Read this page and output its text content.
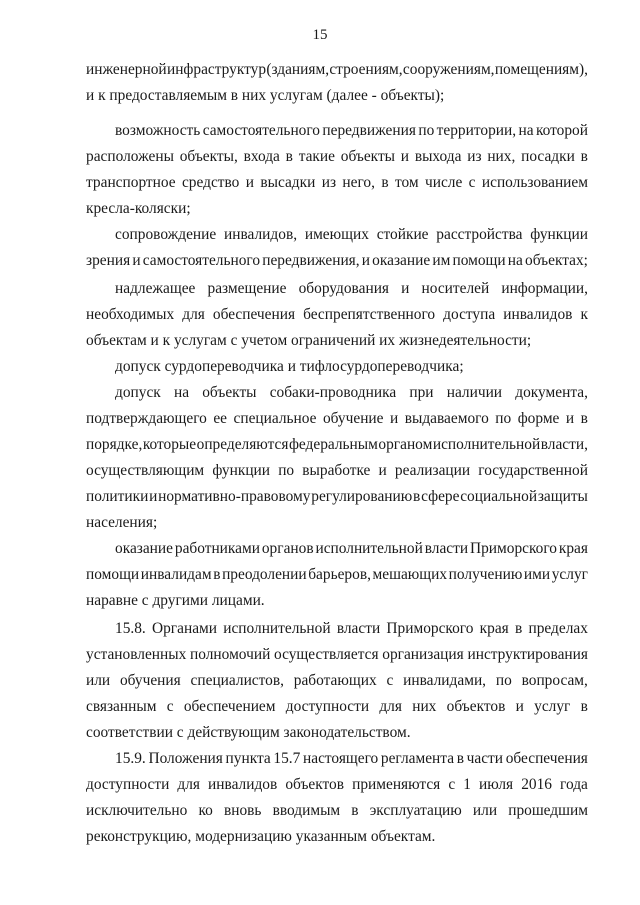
15
инженерной инфраструктур (зданиям, строениям, сооружениям, помещениям),
и к предоставляемым в них услугам (далее - объекты);
возможность самостоятельного передвижения по территории, на которой
расположены объекты, входа в такие объекты и выхода из них, посадки в
транспортное средство и высадки из него, в том числе с использованием
кресла-коляски;
сопровождение инвалидов, имеющих стойкие расстройства функции
зрения и самостоятельного передвижения, и оказание им помощи на объектах;
надлежащее размещение оборудования и носителей информации,
необходимых для обеспечения беспрепятственного доступа инвалидов к
объектам и к услугам с учетом ограничений их жизнедеятельности;
допуск сурдопереводчика и тифлосурдопереводчика;
допуск на объекты собаки-проводника при наличии документа,
подтверждающего ее специальное обучение и выдаваемого по форме и в
порядке, которые определяются федеральным органом исполнительной власти,
осуществляющим функции по выработке и реализации государственной
политики и нормативно-правовому регулированию в сфере социальной защиты
населения;
оказание работниками органов исполнительной власти Приморского края
помощи инвалидам в преодолении барьеров, мешающих получению ими услуг
наравне с другими лицами.
15.8. Органами исполнительной власти Приморского края в пределах
установленных полномочий осуществляется организация инструктирования
или обучения специалистов, работающих с инвалидами, по вопросам,
связанным с обеспечением доступности для них объектов и услуг в
соответствии с действующим законодательством.
15.9. Положения пункта 15.7 настоящего регламента в части обеспечения
доступности для инвалидов объектов применяются с 1 июля 2016 года
исключительно ко вновь вводимым в эксплуатацию или прошедшим
реконструкцию, модернизацию указанным объектам.
